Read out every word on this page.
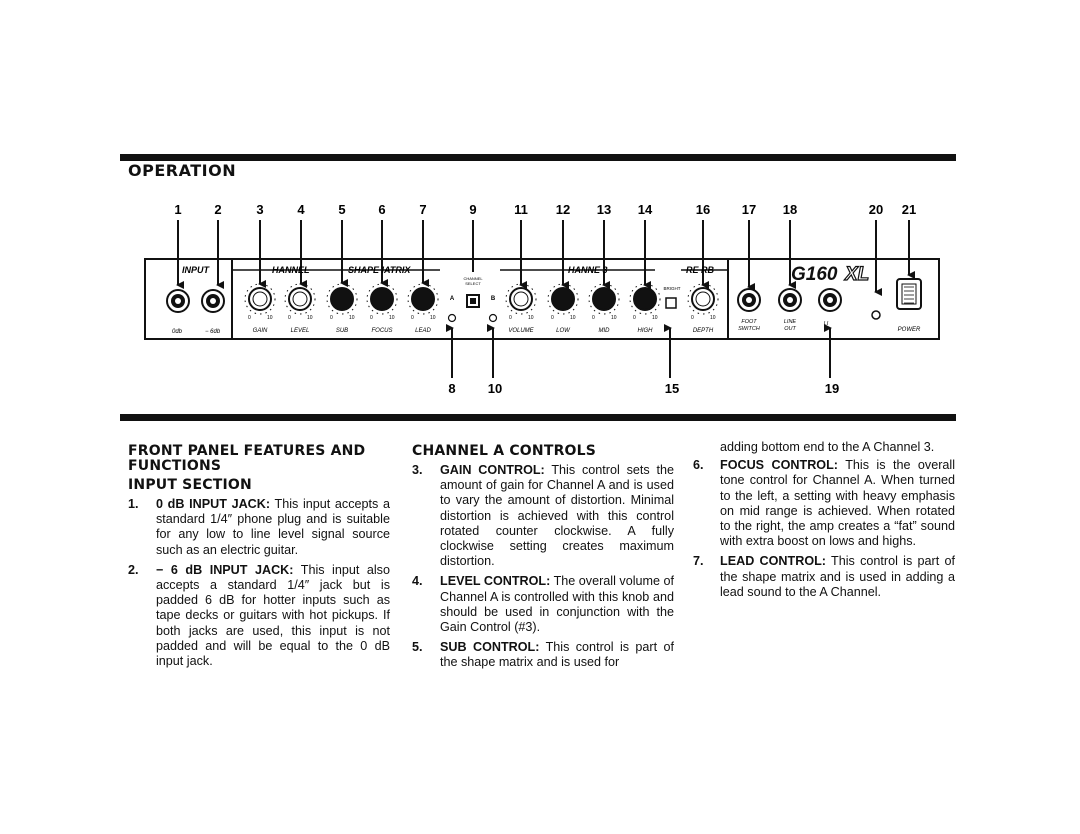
OPERATION
1	2	3	4	5	6	7	9	11 12 13 14	16 17 18	20 21
8 10	15	19
INPUT	HANNEL	SHAPE IATRIX	HANNE 3	RE RB
0db	− 6db
0	10
GAIN
0	10
LEVEL
0	10
SUB
0	10
FOCUS
0	10
LEAD
0	10
VOLUME
0	10
LOW
0	10
MID
0	10
HIGH
0	10
DEPTH
CHANNEL
SELECT
A	B
BRIGHT
FOOT
SWITCH
LINE
OUT
LI
G160 XL
POWER
FRONT PANEL FEATURES AND FUNCTIONS
INPUT SECTION
1. 0 dB INPUT JACK: This input accepts a standard 1/4″ phone plug and is suitable for any low to line level signal source such as an electric guitar.
2. − 6 dB INPUT JACK: This input also accepts a standard 1/4″ jack but is padded 6 dB for hotter inputs such as tape decks or guitars with hot pickups. If both jacks are used, this input is not padded and will be equal to the 0 dB input jack.
CHANNEL A CONTROLS
3. GAIN CONTROL: This control sets the amount of gain for Channel A and is used to vary the amount of distortion. Minimal distortion is achieved with this control rotated counter clockwise. A fully clockwise setting creates maximum distortion.
4. LEVEL CONTROL: The overall volume of Channel A is controlled with this knob and should be used in conjunction with the Gain Control (#3).
5. SUB CONTROL: This control is part of the shape matrix and is used for
adding bottom end to the A Channel 3.
6. FOCUS CONTROL: This is the overall tone control for Channel A. When turned to the left, a setting with heavy emphasis on mid range is achieved. When rotated to the right, the amp creates a “fat” sound with extra boost on lows and highs.
7. LEAD CONTROL: This control is part of the shape matrix and is used in adding a lead sound to the A Channel.
